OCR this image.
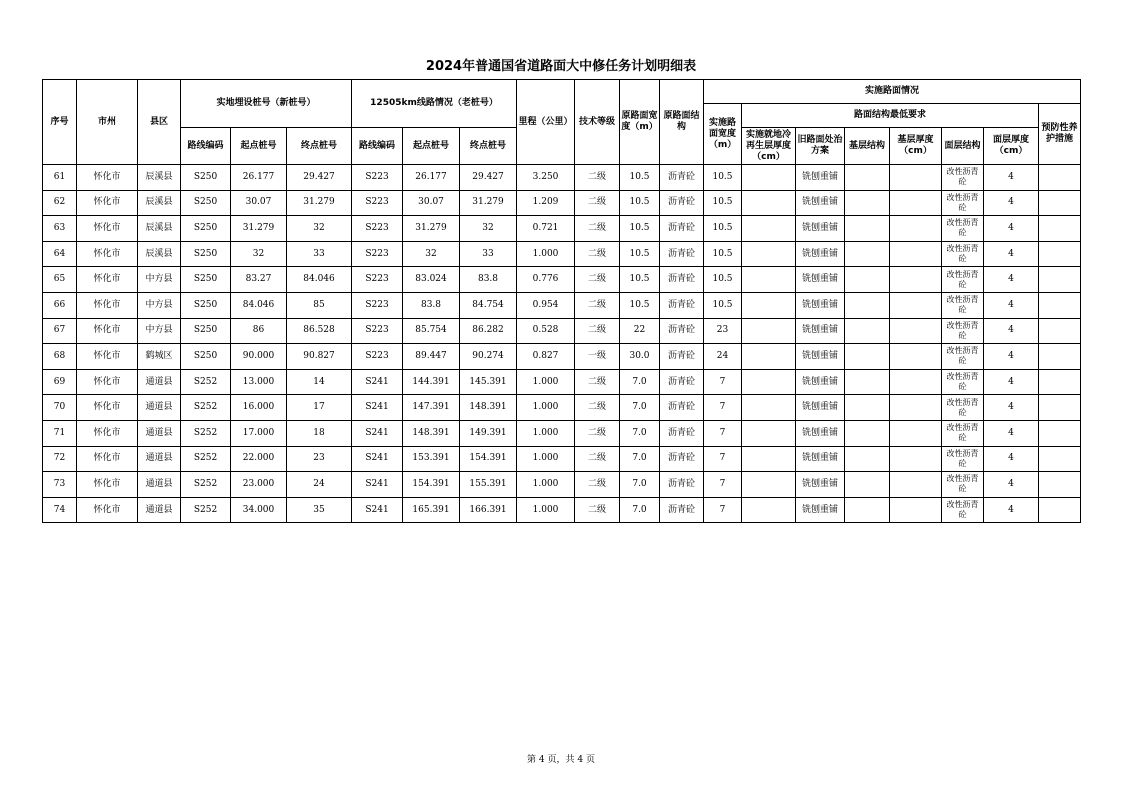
2024年普通国省道路面大中修任务计划明细表
序号	市州	县区	实地埋设桩号（新桩号）			12505km线路情况（老桩号）			里程（公里）	技术等级	原路面宽度（m）	原路面结构	实施路面情况							
													实施路面宽度（m）	路面结构最低要求						预防性养护措施
			路线编码	起点桩号	终点桩号	路线编码	起点桩号	终点桩号						实施就地冷再生层厚度（cm）	旧路面处治方案	基层结构	基层厚度（cm）	面层结构	面层厚度（cm）	
61	怀化市	辰溪县	S250	26.177	29.427	S223	26.177	29.427	3.250	二级	10.5	沥青砼	10.5		铣刨重铺			改性沥青砼	4	
62	怀化市	辰溪县	S250	30.07	31.279	S223	30.07	31.279	1.209	二级	10.5	沥青砼	10.5		铣刨重铺			改性沥青砼	4	
63	怀化市	辰溪县	S250	31.279	32	S223	31.279	32	0.721	二级	10.5	沥青砼	10.5		铣刨重铺			改性沥青砼	4	
64	怀化市	辰溪县	S250	32	33	S223	32	33	1.000	二级	10.5	沥青砼	10.5		铣刨重铺			改性沥青砼	4	
65	怀化市	中方县	S250	83.27	84.046	S223	83.024	83.8	0.776	二级	10.5	沥青砼	10.5		铣刨重铺			改性沥青砼	4	
66	怀化市	中方县	S250	84.046	85	S223	83.8	84.754	0.954	二级	10.5	沥青砼	10.5		铣刨重铺			改性沥青砼	4	
67	怀化市	中方县	S250	86	86.528	S223	85.754	86.282	0.528	二级	22	沥青砼	23		铣刨重铺			改性沥青砼	4	
68	怀化市	鹤城区	S250	90.000	90.827	S223	89.447	90.274	0.827	一级	30.0	沥青砼	24		铣刨重铺			改性沥青砼	4	
69	怀化市	通道县	S252	13.000	14	S241	144.391	145.391	1.000	二级	7.0	沥青砼	7		铣刨重铺			改性沥青砼	4	
70	怀化市	通道县	S252	16.000	17	S241	147.391	148.391	1.000	二级	7.0	沥青砼	7		铣刨重铺			改性沥青砼	4	
71	怀化市	通道县	S252	17.000	18	S241	148.391	149.391	1.000	二级	7.0	沥青砼	7		铣刨重铺			改性沥青砼	4	
72	怀化市	通道县	S252	22.000	23	S241	153.391	154.391	1.000	二级	7.0	沥青砼	7		铣刨重铺			改性沥青砼	4	
73	怀化市	通道县	S252	23.000	24	S241	154.391	155.391	1.000	二级	7.0	沥青砼	7		铣刨重铺			改性沥青砼	4	
74	怀化市	通道县	S252	34.000	35	S241	165.391	166.391	1.000	二级	7.0	沥青砼	7		铣刨重铺			改性沥青砼	4	
第 4 页，共 4 页
